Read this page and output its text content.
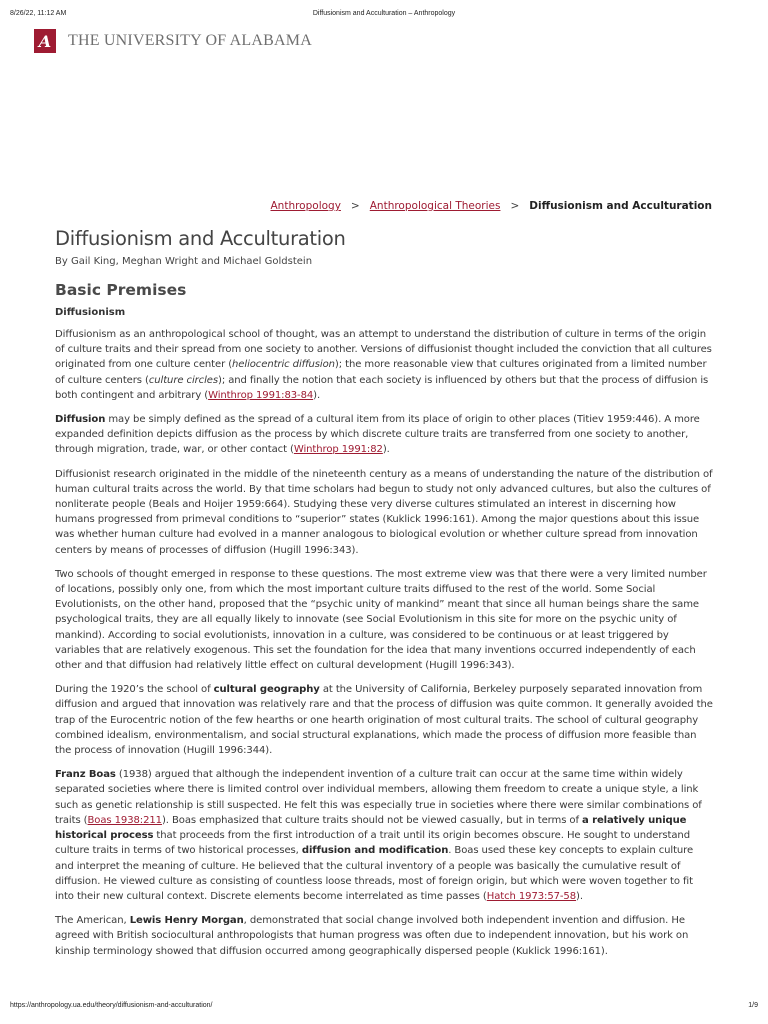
8/26/22, 11:12 AM	Diffusionism and Acculturation – Anthropology
A THE UNIVERSITY OF ALABAMA
Anthropology > Anthropological Theories > Diffusionism and Acculturation
Diffusionism and Acculturation
By Gail King, Meghan Wright and Michael Goldstein
Basic Premises
Diffusionism

Diffusionism as an anthropological school of thought, was an attempt to understand the distribution of culture in terms of the origin of culture traits and their spread from one society to another. Versions of diffusionist thought included the conviction that all cultures originated from one culture center (heliocentric diffusion); the more reasonable view that cultures originated from a limited number of culture centers (culture circles); and finally the notion that each society is influenced by others but that the process of diffusion is both contingent and arbitrary (Winthrop 1991:83-84).

Diffusion may be simply defined as the spread of a cultural item from its place of origin to other places (Titiev 1959:446). A more expanded definition depicts diffusion as the process by which discrete culture traits are transferred from one society to another, through migration, trade, war, or other contact (Winthrop 1991:82).

Diffusionist research originated in the middle of the nineteenth century as a means of understanding the nature of the distribution of human cultural traits across the world. By that time scholars had begun to study not only advanced cultures, but also the cultures of nonliterate people (Beals and Hoijer 1959:664). Studying these very diverse cultures stimulated an interest in discerning how humans progressed from primeval conditions to “superior” states (Kuklick 1996:161). Among the major questions about this issue was whether human culture had evolved in a manner analogous to biological evolution or whether culture spread from innovation centers by means of processes of diffusion (Hugill 1996:343).

Two schools of thought emerged in response to these questions. The most extreme view was that there were a very limited number of locations, possibly only one, from which the most important culture traits diffused to the rest of the world. Some Social Evolutionists, on the other hand, proposed that the “psychic unity of mankind” meant that since all human beings share the same psychological traits, they are all equally likely to innovate (see Social Evolutionism in this site for more on the psychic unity of mankind). According to social evolutionists, innovation in a culture, was considered to be continuous or at least triggered by variables that are relatively exogenous. This set the foundation for the idea that many inventions occurred independently of each other and that diffusion had relatively little effect on cultural development (Hugill 1996:343).

During the 1920’s the school of cultural geography at the University of California, Berkeley purposely separated innovation from diffusion and argued that innovation was relatively rare and that the process of diffusion was quite common. It generally avoided the trap of the Eurocentric notion of the few hearths or one hearth origination of most cultural traits. The school of cultural geography combined idealism, environmentalism, and social structural explanations, which made the process of diffusion more feasible than the process of innovation (Hugill 1996:344).

Franz Boas (1938) argued that although the independent invention of a culture trait can occur at the same time within widely separated societies where there is limited control over individual members, allowing them freedom to create a unique style, a link such as genetic relationship is still suspected. He felt this was especially true in societies where there were similar combinations of traits (Boas 1938:211). Boas emphasized that culture traits should not be viewed casually, but in terms of a relatively unique historical process that proceeds from the first introduction of a trait until its origin becomes obscure. He sought to understand culture traits in terms of two historical processes, diffusion and modification. Boas used these key concepts to explain culture and interpret the meaning of culture. He believed that the cultural inventory of a people was basically the cumulative result of diffusion. He viewed culture as consisting of countless loose threads, most of foreign origin, but which were woven together to fit into their new cultural context. Discrete elements become interrelated as time passes (Hatch 1973:57-58).

The American, Lewis Henry Morgan, demonstrated that social change involved both independent invention and diffusion. He agreed with British sociocultural anthropologists that human progress was often due to independent innovation, but his work on kinship terminology showed that diffusion occurred among geographically dispersed people (Kuklick 1996:161).

https://anthropology.ua.edu/theory/diffusionism-and-acculturation/	1/9
